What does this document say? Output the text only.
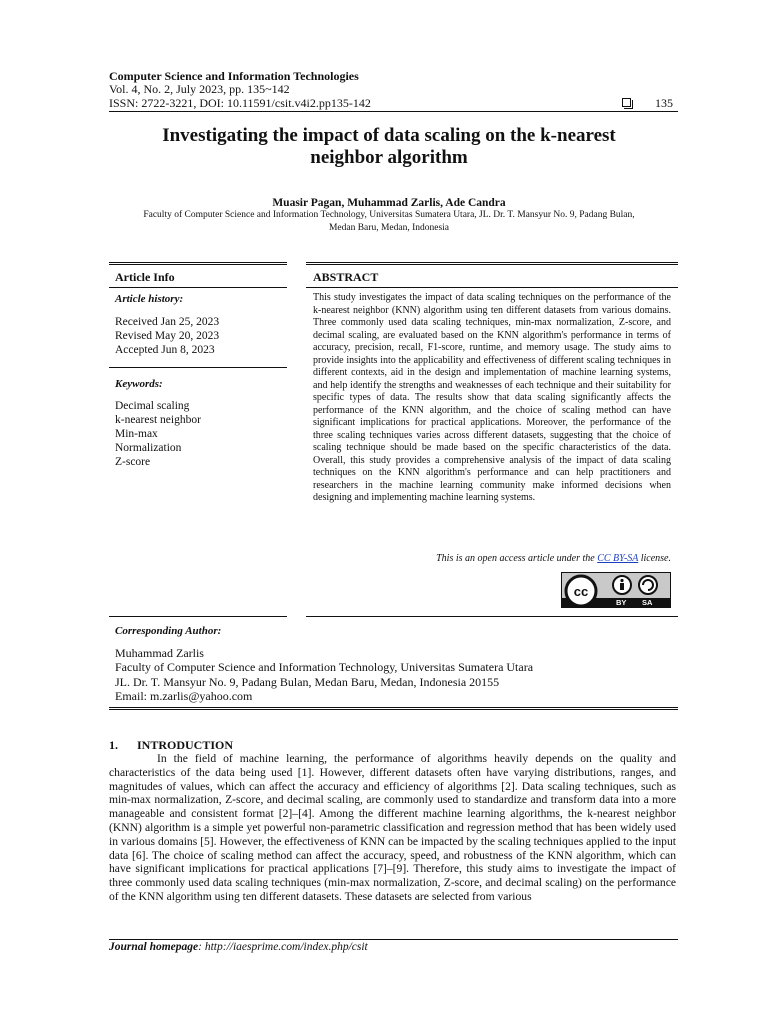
Computer Science and Information Technologies
Vol. 4, No. 2, July 2023, pp. 135~142
ISSN: 2722-3221, DOI: 10.11591/csit.v4i2.pp135-142	135
Investigating the impact of data scaling on the k-nearest
neighbor algorithm
Muasir Pagan, Muhammad Zarlis, Ade Candra
Faculty of Computer Science and Information Technology, Universitas Sumatera Utara, JL. Dr. T. Mansyur No. 9, Padang Bulan,
Medan Baru, Medan, Indonesia
Article Info
Article history:
Received Jan 25, 2023
Revised May 20, 2023
Accepted Jun 8, 2023
Keywords:
Decimal scaling
k-nearest neighbor
Min-max
Normalization
Z-score
ABSTRACT
This study investigates the impact of data scaling techniques on the performance of the k-nearest neighbor (KNN) algorithm using ten different datasets from various domains. Three commonly used data scaling techniques, min-max normalization, Z-score, and decimal scaling, are evaluated based on the KNN algorithm's performance in terms of accuracy, precision, recall, F1-score, runtime, and memory usage. The study aims to provide insights into the applicability and effectiveness of different scaling techniques in different contexts, aid in the design and implementation of machine learning systems, and help identify the strengths and weaknesses of each technique and their suitability for specific types of data. The results show that data scaling significantly affects the performance of the KNN algorithm, and the choice of scaling method can have significant implications for practical applications. Moreover, the performance of the three scaling techniques varies across different datasets, suggesting that the choice of scaling technique should be made based on the specific characteristics of the data. Overall, this study provides a comprehensive analysis of the impact of data scaling techniques on the KNN algorithm's performance and can help practitioners and researchers in the machine learning community make informed decisions when designing and implementing machine learning systems.
This is an open access article under the CC BY-SA license.
cc
BY SA
Corresponding Author:
Muhammad Zarlis
Faculty of Computer Science and Information Technology, Universitas Sumatera Utara
JL. Dr. T. Mansyur No. 9, Padang Bulan, Medan Baru, Medan, Indonesia 20155
Email: m.zarlis@yahoo.com
1. INTRODUCTION
In the field of machine learning, the performance of algorithms heavily depends on the quality and characteristics of the data being used [1]. However, different datasets often have varying distributions, ranges, and magnitudes of values, which can affect the accuracy and efficiency of algorithms [2]. Data scaling techniques, such as min-max normalization, Z-score, and decimal scaling, are commonly used to standardize and transform data into a more manageable and consistent format [2]–[4]. Among the different machine learning algorithms, the k-nearest neighbor (KNN) algorithm is a simple yet powerful non-parametric classification and regression method that has been widely used in various domains [5]. However, the effectiveness of KNN can be impacted by the scaling techniques applied to the input data [6]. The choice of scaling method can affect the accuracy, speed, and robustness of the KNN algorithm, which can have significant implications for practical applications [7]–[9]. Therefore, this study aims to investigate the impact of three commonly used data scaling techniques (min-max normalization, Z-score, and decimal scaling) on the performance of the KNN algorithm using ten different datasets. These datasets are selected from various
Journal homepage: http://iaesprime.com/index.php/csit
